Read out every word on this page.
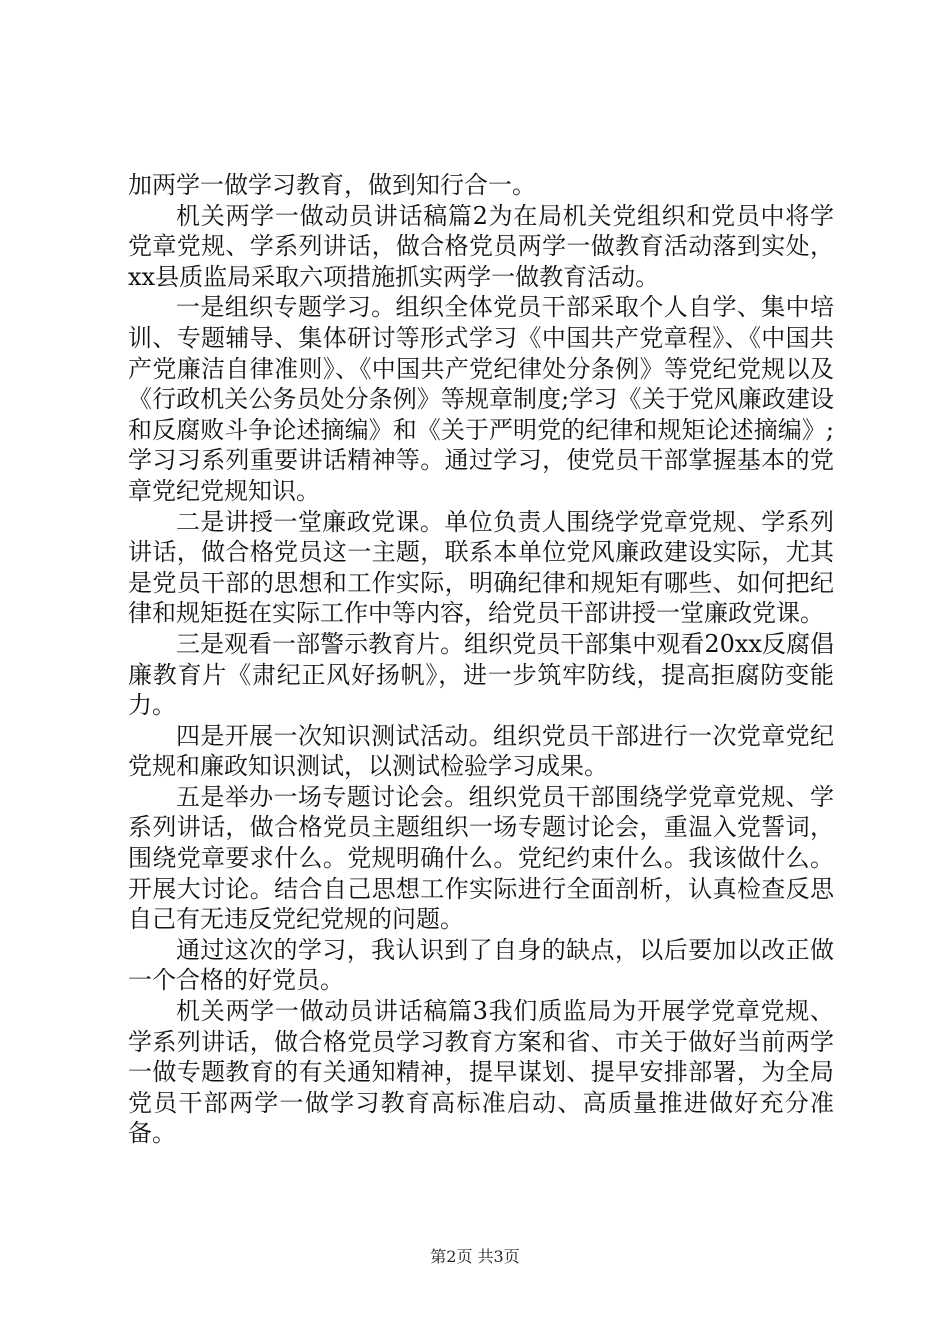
加两学一做学习教育，做到知行合一。

机关两学一做动员讲话稿篇2为在局机关党组织和党员中将学党章党规、学系列讲话，做合格党员两学一做教育活动落到实处，xx县质监局采取六项措施抓实两学一做教育活动。

一是组织专题学习。组织全体党员干部采取个人自学、集中培训、专题辅导、集体研讨等形式学习《中国共产党章程》、《中国共产党廉洁自律准则》、《中国共产党纪律处分条例》等党纪党规以及《行政机关公务员处分条例》等规章制度;学习《关于党风廉政建设和反腐败斗争论述摘编》和《关于严明党的纪律和规矩论述摘编》;学习习系列重要讲话精神等。通过学习，使党员干部掌握基本的党章党纪党规知识。

二是讲授一堂廉政党课。单位负责人围绕学党章党规、学系列讲话，做合格党员这一主题，联系本单位党风廉政建设实际，尤其是党员干部的思想和工作实际，明确纪律和规矩有哪些、如何把纪律和规矩挺在实际工作中等内容，给党员干部讲授一堂廉政党课。

三是观看一部警示教育片。组织党员干部集中观看20xx反腐倡廉教育片《肃纪正风好扬帆》，进一步筑牢防线，提高拒腐防变能力。

四是开展一次知识测试活动。组织党员干部进行一次党章党纪党规和廉政知识测试，以测试检验学习成果。

五是举办一场专题讨论会。组织党员干部围绕学党章党规、学系列讲话，做合格党员主题组织一场专题讨论会，重温入党誓词，围绕党章要求什么。党规明确什么。党纪约束什么。我该做什么。开展大讨论。结合自己思想工作实际进行全面剖析，认真检查反思自己有无违反党纪党规的问题。

通过这次的学习，我认识到了自身的缺点，以后要加以改正做一个合格的好党员。

机关两学一做动员讲话稿篇3我们质监局为开展学党章党规、学系列讲话，做合格党员学习教育方案和省、市关于做好当前两学一做专题教育的有关通知精神，提早谋划、提早安排部署，为全局党员干部两学一做学习教育高标准启动、高质量推进做好充分准备。

第2页 共3页
